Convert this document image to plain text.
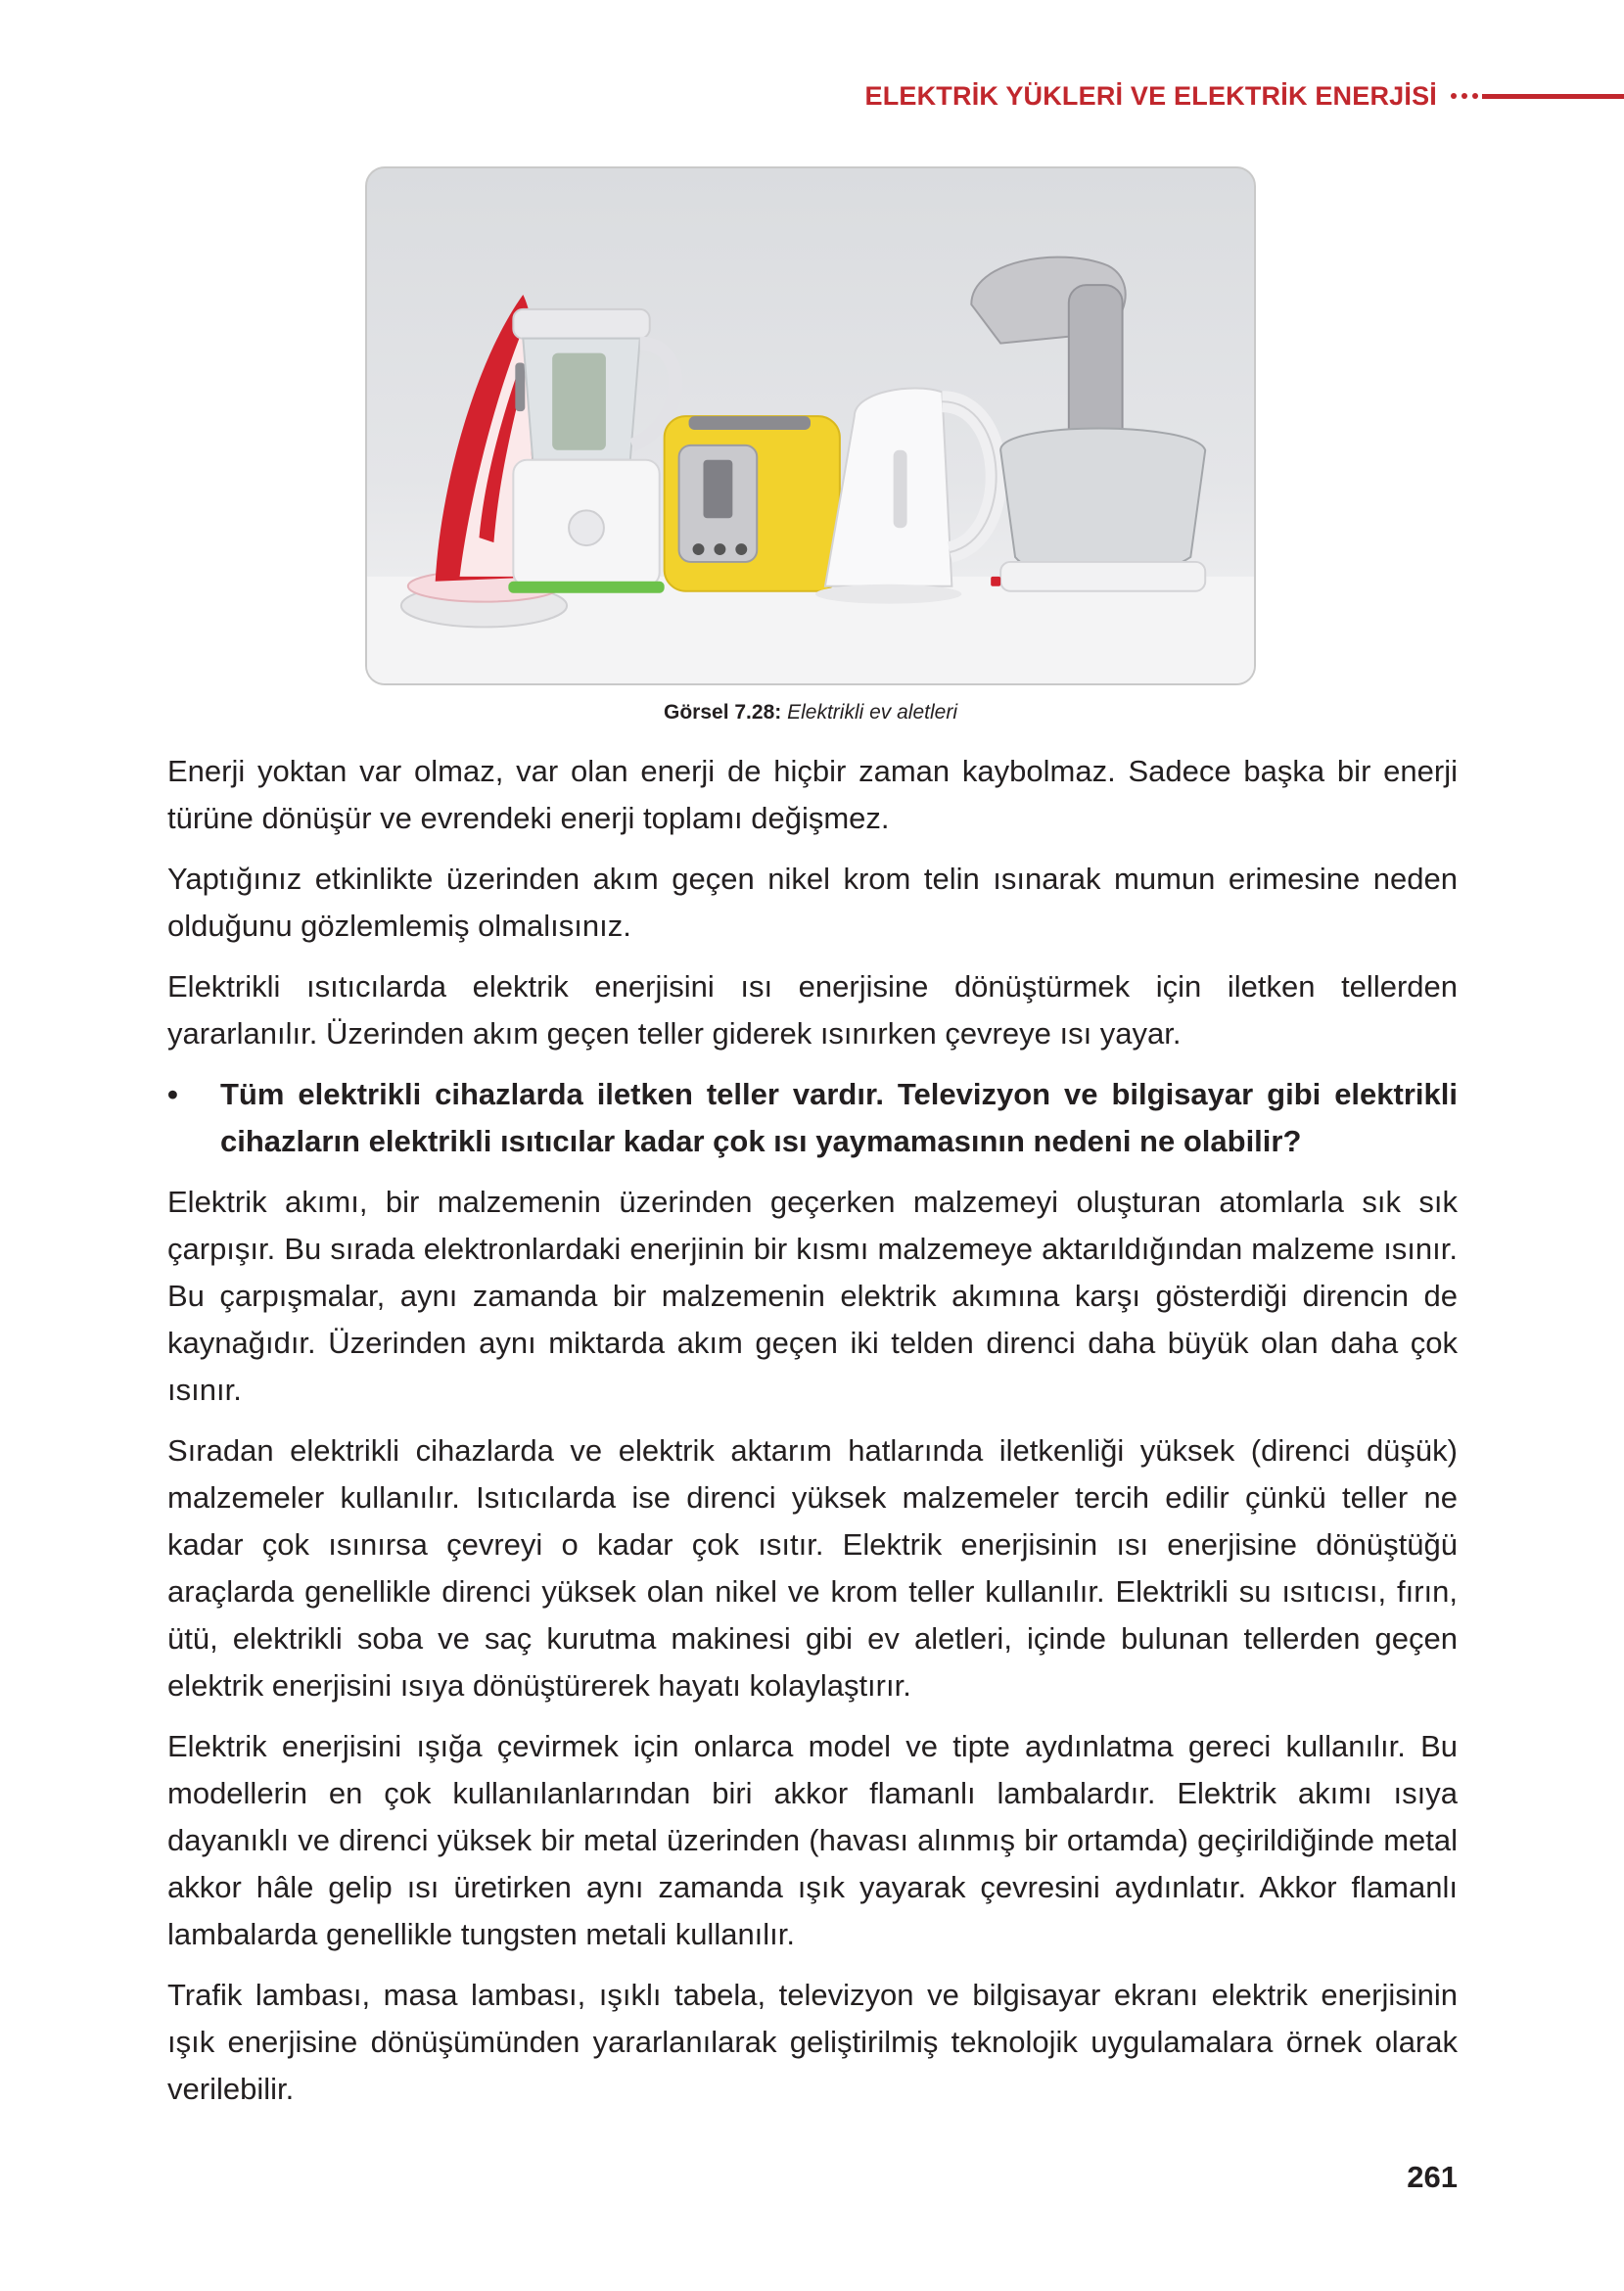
ELEKTRİK YÜKLERİ VE ELEKTRİK ENERJİSİ
Görsel 7.28: Elektrikli ev aletleri

Enerji yoktan var olmaz, var olan enerji de hiçbir zaman kaybolmaz. Sadece başka bir enerji türüne dönüşür ve evrendeki enerji toplamı değişmez.

Yaptığınız etkinlikte üzerinden akım geçen nikel krom telin ısınarak mumun erimesine neden olduğunu gözlemlemiş olmalısınız.

Elektrikli ısıtıcılarda elektrik enerjisini ısı enerjisine dönüştürmek için iletken tellerden yararlanılır. Üzerinden akım geçen teller giderek ısınırken çevreye ısı yayar.

•	Tüm elektrikli cihazlarda iletken teller vardır. Televizyon ve bilgisayar gibi elektrikli cihazların elektrikli ısıtıcılar kadar çok ısı yaymamasının nedeni ne olabilir?

Elektrik akımı, bir malzemenin üzerinden geçerken malzemeyi oluşturan atomlarla sık sık çarpışır. Bu sırada elektronlardaki enerjinin bir kısmı malzemeye aktarıldığından malzeme ısınır. Bu çarpışmalar, aynı zamanda bir malzemenin elektrik akımına karşı gösterdiği direncin de kaynağıdır. Üzerinden aynı miktarda akım geçen iki telden direnci daha büyük olan daha çok ısınır.

Sıradan elektrikli cihazlarda ve elektrik aktarım hatlarında iletkenliği yüksek (direnci düşük) malzemeler kullanılır. Isıtıcılarda ise direnci yüksek malzemeler tercih edilir çünkü teller ne kadar çok ısınırsa çevreyi o kadar çok ısıtır. Elektrik enerjisinin ısı enerjisine dönüştüğü araçlarda genellikle direnci yüksek olan nikel ve krom teller kullanılır. Elektrikli su ısıtıcısı, fırın, ütü, elektrikli soba ve saç kurutma makinesi gibi ev aletleri, içinde bulunan tellerden geçen elektrik enerjisini ısıya dönüştürerek hayatı kolaylaştırır.

Elektrik enerjisini ışığa çevirmek için onlarca model ve tipte aydınlatma gereci kullanılır. Bu modellerin en çok kullanılanlarından biri akkor flamanlı lambalardır. Elektrik akımı ısıya dayanıklı ve direnci yüksek bir metal üzerinden (havası alınmış bir ortamda) geçirildiğinde metal akkor hâle gelip ısı üretirken aynı zamanda ışık yayarak çevresini aydınlatır. Akkor flamanlı lambalarda genellikle tungsten metali kullanılır.

Trafik lambası, masa lambası, ışıklı tabela, televizyon ve bilgisayar ekranı elektrik enerjisinin ışık enerjisine dönüşümünden yararlanılarak geliştirilmiş teknolojik uygulamalara örnek olarak verilebilir.

261
